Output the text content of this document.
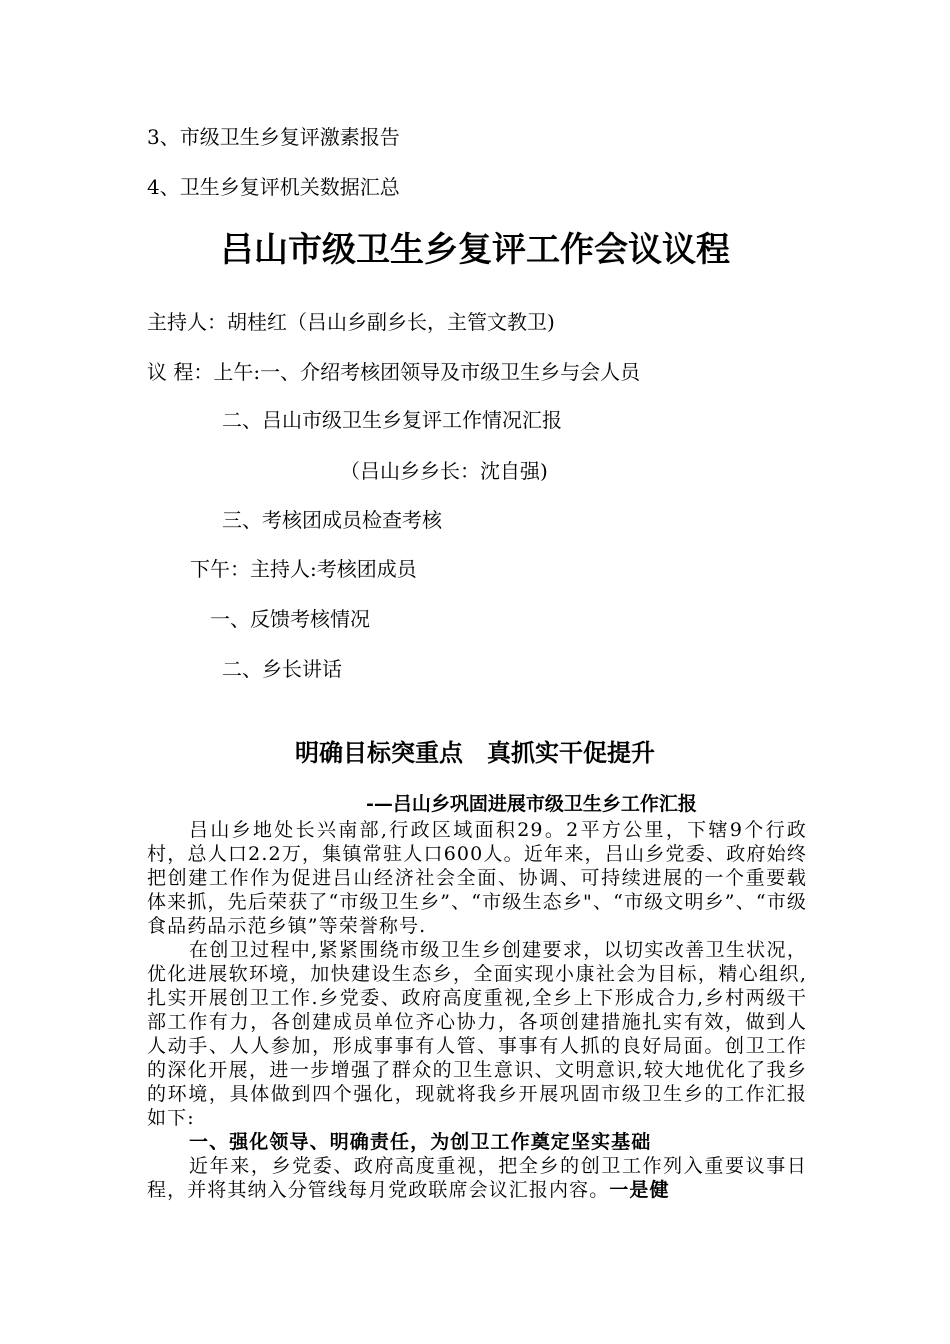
3、市级卫生乡复评激素报告
4、卫生乡复评机关数据汇总
吕山市级卫生乡复评工作会议议程
主持人：胡桂红（吕山乡副乡长，主管文教卫)
议 程：上午:一、介绍考核团领导及市级卫生乡与会人员
二、吕山市级卫生乡复评工作情况汇报
（吕山乡乡长：沈自强)
三、考核团成员检查考核
下午：主持人:考核团成员
一、反馈考核情况
二、乡长讲话
明确目标突重点　真抓实干促提升
-—吕山乡巩固进展市级卫生乡工作汇报

吕山乡地处长兴南部,行政区域面积29。2平方公里，下辖9个行政村，总人口2.2万，集镇常驻人口600人。近年来，吕山乡党委、政府始终把创建工作作为促进吕山经济社会全面、协调、可持续进展的一个重要载体来抓，先后荣获了“市级卫生乡”、“市级生态乡"、“市级文明乡”、“市级食品药品示范乡镇”等荣誉称号.

在创卫过程中,紧紧围绕市级卫生乡创建要求，以切实改善卫生状况，优化进展软环境，加快建设生态乡，全面实现小康社会为目标，精心组织,扎实开展创卫工作.乡党委、政府高度重视,全乡上下形成合力,乡村两级干部工作有力，各创建成员单位齐心协力，各项创建措施扎实有效，做到人人动手、人人参加，形成事事有人管、事事有人抓的良好局面。创卫工作的深化开展，进一步增强了群众的卫生意识、文明意识,较大地优化了我乡的环境，具体做到四个强化，现就将我乡开展巩固市级卫生乡的工作汇报如下:

一、强化领导、明确责任，为创卫工作奠定坚实基础

近年来，乡党委、政府高度重视，把全乡的创卫工作列入重要议事日程，并将其纳入分管线每月党政联席会议汇报内容。一是健
